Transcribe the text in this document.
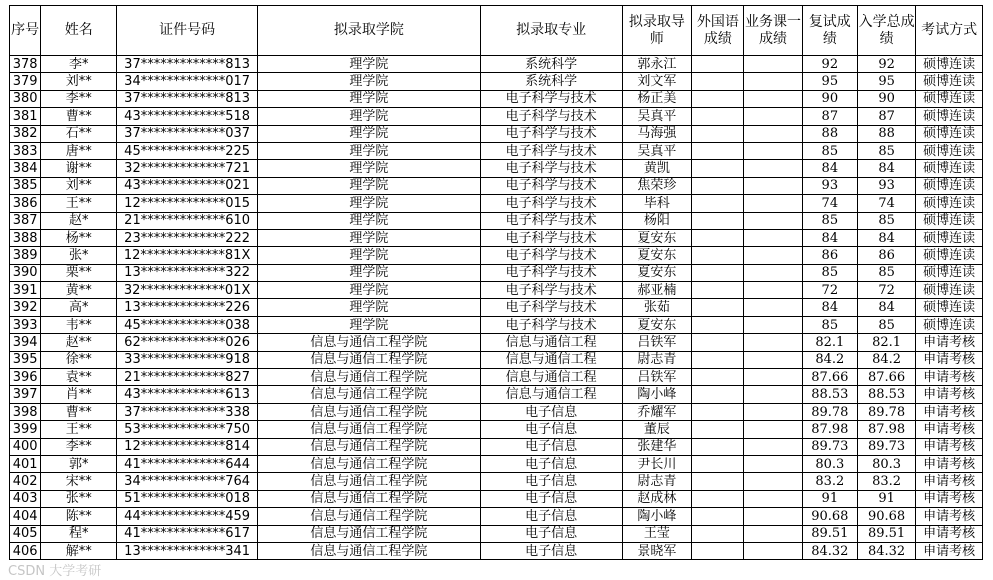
序号	姓名	证件号码	拟录取学院	拟录取专业	拟录取导师	外国语成绩	业务课一成绩	复试成绩	入学总成绩	考试方式
378	李*	37*************813	理学院	系统科学	郭永江			92	92	硕博连读
379	刘**	34*************017	理学院	系统科学	刘文军			95	95	硕博连读
380	李**	37*************813	理学院	电子科学与技术	杨正美			90	90	硕博连读
381	曹**	43*************518	理学院	电子科学与技术	吴真平			87	87	硕博连读
382	石**	37*************037	理学院	电子科学与技术	马海强			88	88	硕博连读
383	唐**	45*************225	理学院	电子科学与技术	吴真平			85	85	硕博连读
384	谢**	32*************721	理学院	电子科学与技术	黄凯			84	84	硕博连读
385	刘**	43*************021	理学院	电子科学与技术	焦荣珍			93	93	硕博连读
386	王**	12*************015	理学院	电子科学与技术	毕科			74	74	硕博连读
387	赵*	21*************610	理学院	电子科学与技术	杨阳			85	85	硕博连读
388	杨**	23*************222	理学院	电子科学与技术	夏安东			84	84	硕博连读
389	张*	12*************81X	理学院	电子科学与技术	夏安东			86	86	硕博连读
390	栗**	13*************322	理学院	电子科学与技术	夏安东			85	85	硕博连读
391	黄**	32*************01X	理学院	电子科学与技术	郝亚楠			72	72	硕博连读
392	高*	13*************226	理学院	电子科学与技术	张茹			84	84	硕博连读
393	韦**	45*************038	理学院	电子科学与技术	夏安东			85	85	硕博连读
394	赵**	62*************026	信息与通信工程学院	信息与通信工程	吕铁军			82.1	82.1	申请考核
395	徐**	33*************918	信息与通信工程学院	信息与通信工程	尉志青			84.2	84.2	申请考核
396	袁**	21*************827	信息与通信工程学院	信息与通信工程	吕铁军			87.66	87.66	申请考核
397	肖**	43*************613	信息与通信工程学院	信息与通信工程	陶小峰			88.53	88.53	申请考核
398	曹**	37*************338	信息与通信工程学院	电子信息	乔耀军			89.78	89.78	申请考核
399	王**	53*************750	信息与通信工程学院	电子信息	董辰			87.98	87.98	申请考核
400	李**	12*************814	信息与通信工程学院	电子信息	张建华			89.73	89.73	申请考核
401	郭*	41*************644	信息与通信工程学院	电子信息	尹长川			80.3	80.3	申请考核
402	宋**	34*************764	信息与通信工程学院	电子信息	尉志青			83.2	83.2	申请考核
403	张**	51*************018	信息与通信工程学院	电子信息	赵成林			91	91	申请考核
404	陈**	44*************459	信息与通信工程学院	电子信息	陶小峰			90.68	90.68	申请考核
405	程*	41*************617	信息与通信工程学院	电子信息	王莹			89.51	89.51	申请考核
406	解**	13*************341	信息与通信工程学院	电子信息	景晓军			84.32	84.32	申请考核
CSDN 大学考研
